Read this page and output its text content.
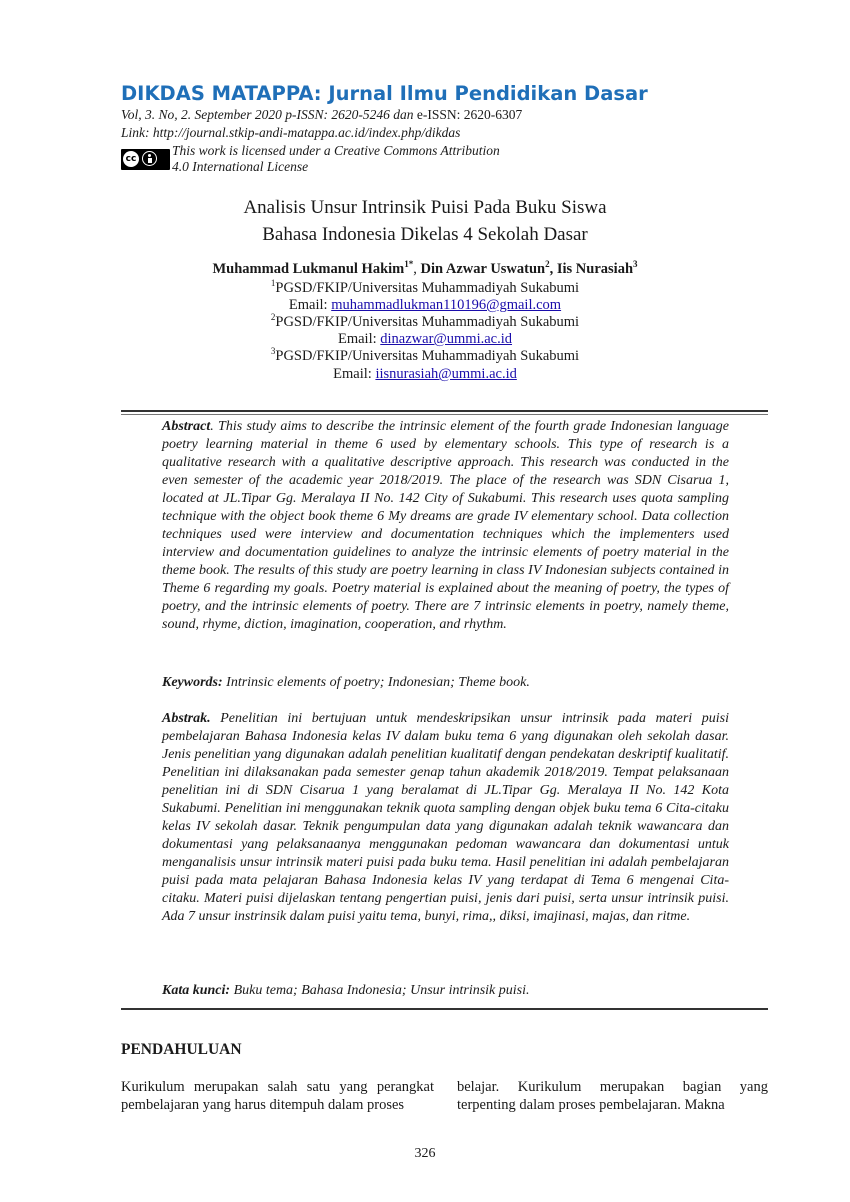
DIKDAS MATAPPA: Jurnal Ilmu Pendidikan Dasar
Vol, 3. No, 2. September 2020 p-ISSN: 2620-5246 dan e-ISSN: 2620-6307
Link: http://journal.stkip-andi-matappa.ac.id/index.php/dikdas
cc
This work is licensed under a Creative Commons Attribution
4.0 International License
Analisis Unsur Intrinsik Puisi Pada Buku Siswa
Bahasa Indonesia Dikelas 4 Sekolah Dasar
Muhammad Lukmanul Hakim$^{1*}$, Din Azwar Uswatun$^2$, Iis Nurasiah$^3$
$^1$PGSD/FKIP/Universitas Muhammadiyah Sukabumi
Email: muhammadlukman110196@gmail.com
$^2$PGSD/FKIP/Universitas Muhammadiyah Sukabumi
Email: dinazwar@ummi.ac.id
$^3$PGSD/FKIP/Universitas Muhammadiyah Sukabumi
Email: iisnurasiah@ummi.ac.id
Abstract. This study aims to describe the intrinsic element of the fourth grade Indonesian language poetry learning material in theme 6 used by elementary schools. This type of research is a qualitative research with a qualitative descriptive approach. This research was conducted in the even semester of the academic year 2018/2019. The place of the research was SDN Cisarua 1, located at JL.Tipar Gg. Meralaya II No. 142 City of Sukabumi. This research uses quota sampling technique with the object book theme 6 My dreams are grade IV elementary school. Data collection techniques used were interview and documentation techniques which the implementers used interview and documentation guidelines to analyze the intrinsic elements of poetry material in the theme book. The results of this study are poetry learning in class IV Indonesian subjects contained in Theme 6 regarding my goals. Poetry material is explained about the meaning of poetry, the types of poetry, and the intrinsic elements of poetry. There are 7 intrinsic elements in poetry, namely theme, sound, rhyme, diction, imagination, cooperation, and rhythm.
Keywords: Intrinsic elements of poetry; Indonesian; Theme book.
Abstrak. Penelitian ini bertujuan untuk mendeskripsikan unsur intrinsik pada materi puisi pembelajaran Bahasa Indonesia kelas IV dalam buku tema 6 yang digunakan oleh sekolah dasar. Jenis penelitian yang digunakan adalah penelitian kualitatif dengan pendekatan deskriptif kualitatif. Penelitian ini dilaksanakan pada semester genap tahun akademik 2018/2019. Tempat pelaksanaan penelitian ini di SDN Cisarua 1 yang beralamat di JL.Tipar Gg. Meralaya II No. 142 Kota Sukabumi. Penelitian ini menggunakan teknik quota sampling dengan objek buku tema 6 Cita-citaku kelas IV sekolah dasar. Teknik pengumpulan data yang digunakan adalah teknik wawancara dan dokumentasi yang pelaksanaanya menggunakan pedoman wawancara dan dokumentasi untuk menganalisis unsur intrinsik materi puisi pada buku tema. Hasil penelitian ini adalah pembelajaran puisi pada mata pelajaran Bahasa Indonesia kelas IV yang terdapat di Tema 6 mengenai Cita-citaku. Materi puisi dijelaskan tentang pengertian puisi, jenis dari puisi, serta unsur intrinsik puisi. Ada 7 unsur instrinsik dalam puisi yaitu tema, bunyi, rima,, diksi, imajinasi, majas, dan ritme.
Kata kunci: Buku tema; Bahasa Indonesia; Unsur intrinsik puisi.
PENDAHULUAN
Kurikulum merupakan salah satu yang perangkat pembelajaran yang harus ditempuh dalam proses
belajar. Kurikulum merupakan bagian yang terpenting dalam proses pembelajaran. Makna
326
